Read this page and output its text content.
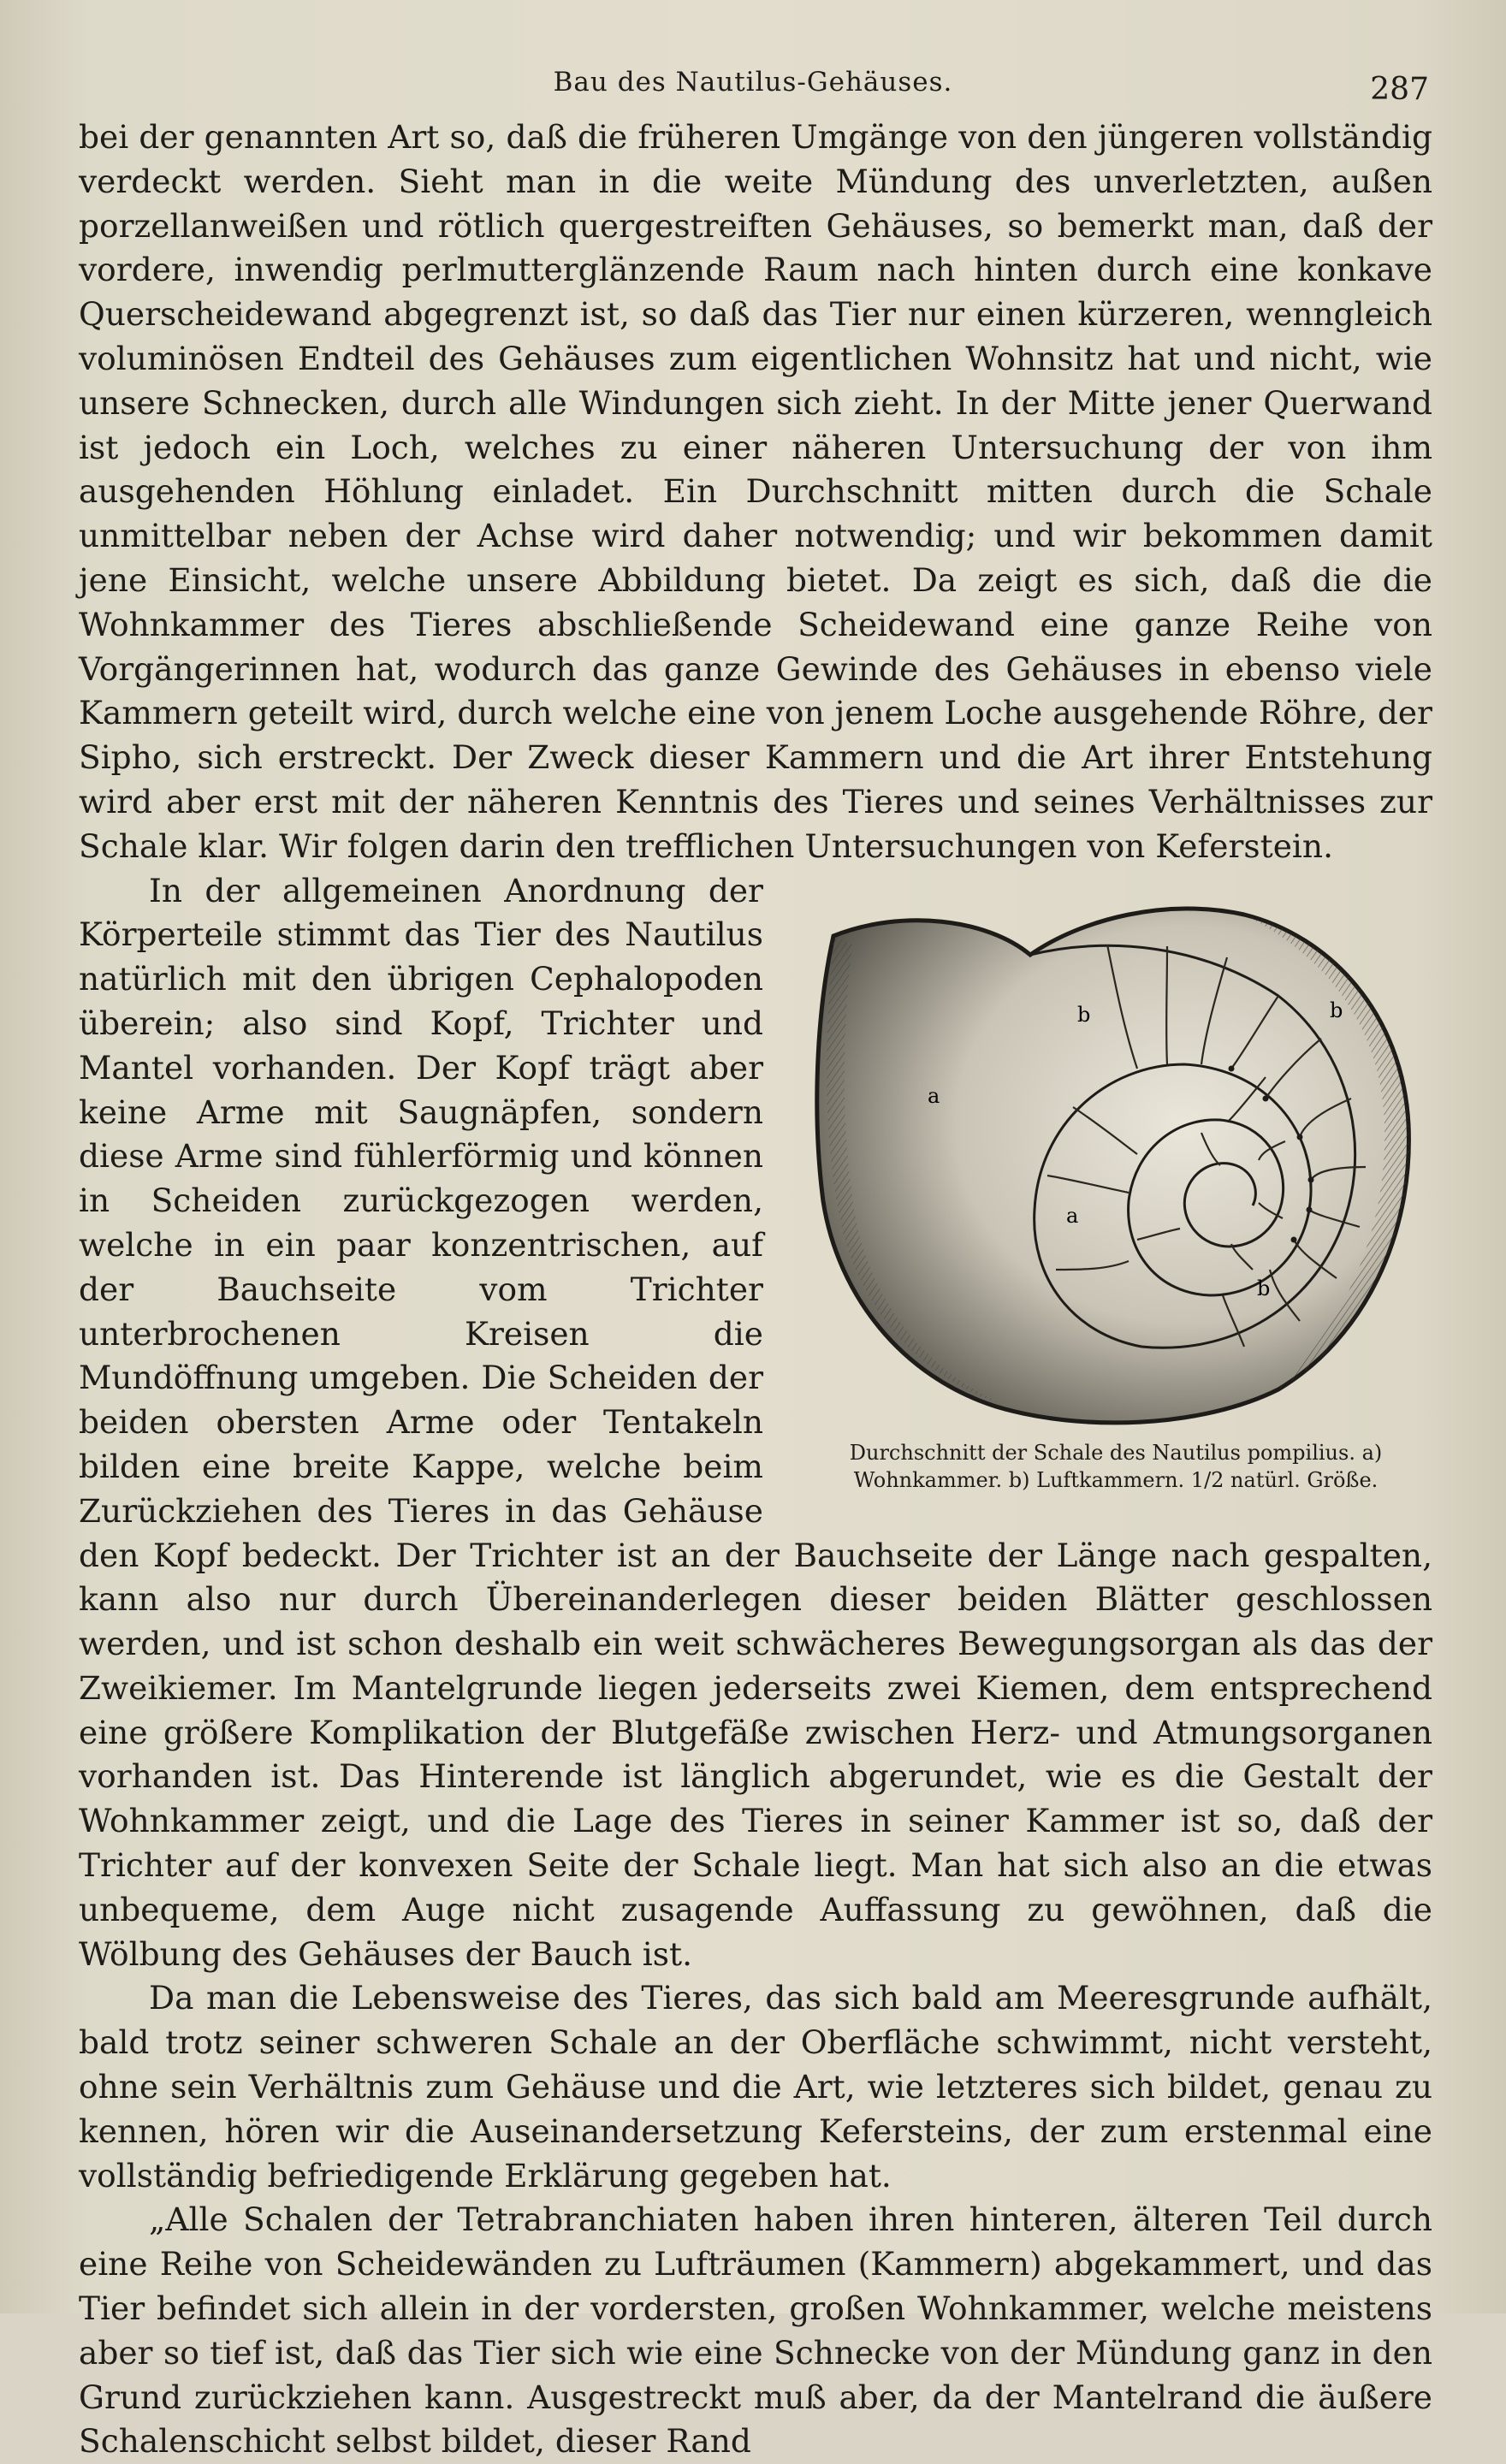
Bau des Nautilus-Gehäuses.	287

bei der genannten Art so, daß die früheren Umgänge von den jüngeren vollständig verdeckt werden. Sieht man in die weite Mündung des unverletzten, außen porzellanweißen und rötlich quergestreiften Gehäuses, so bemerkt man, daß der vordere, inwendig perlmutterglänzende Raum nach hinten durch eine konkave Querscheidewand abgegrenzt ist, so daß das Tier nur einen kürzeren, wenngleich voluminösen Endteil des Gehäuses zum eigentlichen Wohnsitz hat und nicht, wie unsere Schnecken, durch alle Windungen sich zieht. In der Mitte jener Querwand ist jedoch ein Loch, welches zu einer näheren Untersuchung der von ihm ausgehenden Höhlung einladet. Ein Durchschnitt mitten durch die Schale unmittelbar neben der Achse wird daher notwendig; und wir bekommen damit jene Einsicht, welche unsere Abbildung bietet. Da zeigt es sich, daß die die Wohnkammer des Tieres abschließende Scheidewand eine ganze Reihe von Vorgängerinnen hat, wodurch das ganze Gewinde des Gehäuses in ebenso viele Kammern geteilt wird, durch welche eine von jenem Loche ausgehende Röhre, der Sipho, sich erstreckt. Der Zweck dieser Kammern und die Art ihrer Entstehung wird aber erst mit der näheren Kenntnis des Tieres und seines Verhältnisses zur Schale klar. Wir folgen darin den trefflichen Untersuchungen von Keferstein.

a
a
b	b
b
Durchschnitt der Schale des Nautilus pompilius. a) Wohnkammer. b) Luftkammern. 1/2 natürl. Größe.

In der allgemeinen Anordnung der Körperteile stimmt das Tier des Nautilus natürlich mit den übrigen Cephalopoden überein; also sind Kopf, Trichter und Mantel vorhanden. Der Kopf trägt aber keine Arme mit Saugnäpfen, sondern diese Arme sind fühlerförmig und können in Scheiden zurückgezogen werden, welche in ein paar konzentrischen, auf der Bauchseite vom Trichter unterbrochenen Kreisen die Mundöffnung umgeben. Die Scheiden der beiden obersten Arme oder Tentakeln bilden eine breite Kappe, welche beim Zurückziehen des Tieres in das Gehäuse den Kopf bedeckt. Der Trichter ist an der Bauchseite der Länge nach gespalten, kann also nur durch Übereinanderlegen dieser beiden Blätter geschlossen werden, und ist schon deshalb ein weit schwächeres Bewegungsorgan als das der Zweikiemer. Im Mantelgrunde liegen jederseits zwei Kiemen, dem entsprechend eine größere Komplikation der Blutgefäße zwischen Herz- und Atmungsorganen vorhanden ist. Das Hinterende ist länglich abgerundet, wie es die Gestalt der Wohnkammer zeigt, und die Lage des Tieres in seiner Kammer ist so, daß der Trichter auf der konvexen Seite der Schale liegt. Man hat sich also an die etwas unbequeme, dem Auge nicht zusagende Auffassung zu gewöhnen, daß die Wölbung des Gehäuses der Bauch ist.

Da man die Lebensweise des Tieres, das sich bald am Meeresgrunde aufhält, bald trotz seiner schweren Schale an der Oberfläche schwimmt, nicht versteht, ohne sein Verhältnis zum Gehäuse und die Art, wie letzteres sich bildet, genau zu kennen, hören wir die Auseinandersetzung Kefersteins, der zum erstenmal eine vollständig befriedigende Erklärung gegeben hat.

„Alle Schalen der Tetrabranchiaten haben ihren hinteren, älteren Teil durch eine Reihe von Scheidewänden zu Lufträumen (Kammern) abgekammert, und das Tier befindet sich allein in der vordersten, großen Wohnkammer, welche meistens aber so tief ist, daß das Tier sich wie eine Schnecke von der Mündung ganz in den Grund zurückziehen kann. Ausgestreckt muß aber, da der Mantelrand die äußere Schalenschicht selbst bildet, dieser Rand
